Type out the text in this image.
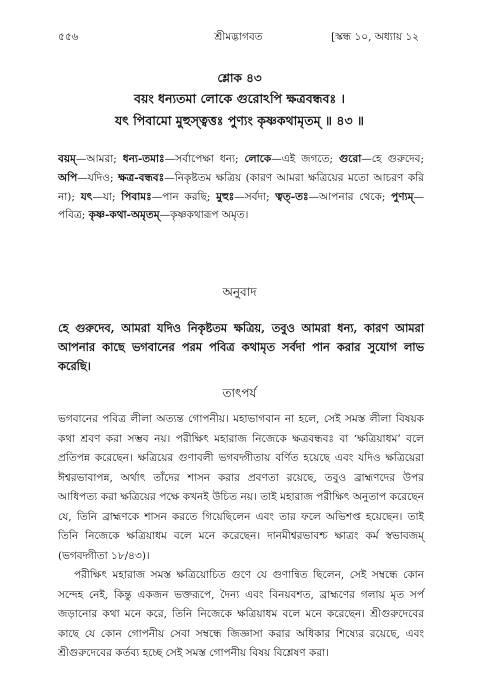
৫৫৬	শ্রীমদ্ভাগবত	[স্কন্ধ ১০, অধ্যায় ১২
শ্লোক ৪৩
বয়ং ধন্যতমা লোকে গুরোঽপি ক্ষত্রবন্ধবঃ ।
যৎ পিবামো মুহুস্ত্বত্তঃ পুণ্যং কৃষ্ণকথামৃতম্‌ ॥ ৪৩ ॥
বয়ম্‌—আমরা; ধন্য-তমাঃ—সর্বাপেক্ষা ধন্য; লোকে—এই জগতে; গুরো—হে গুরুদেব; অপি—যদিও; ক্ষত্র-বন্ধবঃ—নিকৃষ্টতম ক্ষত্রিয় (কারণ আমরা ক্ষত্রিয়ের মতো আচরণ করি না); যৎ—যা; পিবামঃ—পান করছি; মুহুঃ—সর্বদা; ত্বত্-তঃ—আপনার থেকে; পুণ্যম্‌—পবিত্র; কৃষ্ণ-কথা-অমৃতম্‌—কৃষ্ণকথারূপ অমৃত।
অনুবাদ
হে গুরুদেব, আমরা যদিও নিকৃষ্টতম ক্ষত্রিয়, তবুও আমরা ধন্য, কারণ আমরা আপনার কাছে ভগবানের পরম পবিত্র কথামৃত সর্বদা পান করার সুযোগ লাভ করেছি।
তাৎপর্য

ভগবানের পবিত্র লীলা অত্যন্ত গোপনীয়। মহাভাগবান না হলে, সেই সমস্ত লীলা বিষয়ক কথা শ্রবণ করা সম্ভব নয়। পরীক্ষিৎ মহারাজ নিজেকে ক্ষত্রবন্ধবঃ বা ‘ক্ষত্রিয়াধম’ বলে প্রতিপন্ন করেছেন। ক্ষত্রিয়ের গুণাবলী ভগবদ্গীতায় বর্ণিত হয়েছে এবং যদিও ক্ষত্রিয়েরা ঈশ্বরভাবাপন্ন, অর্থাৎ তাঁদের শাসন করার প্রবণতা রয়েছে, তবুও ব্রাহ্মণদের উপর আধিপত্য করা ক্ষত্রিয়ের পক্ষে কখনই উচিত নয়। তাই মহারাজ পরীক্ষিৎ অনুতাপ করেছেন যে, তিনি ব্রাহ্মণকে শাসন করতে গিয়েছিলেন এবং তার ফলে অভিশপ্ত হয়েছেন। তাই তিনি নিজেকে ক্ষত্রিয়াধম বলে মনে করেছেন। দানমীশ্বরভাবশ্চ ক্ষাত্রং কর্ম স্বভাবজম্ (ভগবদ্গীতা ১৮/৪৩)।

পরীক্ষিৎ মহারাজ সমস্ত ক্ষত্রিয়োচিত গুণে যে গুণান্বিত ছিলেন, সেই সম্বন্ধে কোন সন্দেহ নেই, কিন্তু একজন ভক্তরূপে, দৈন্য এবং বিনয়বশত, ব্রাহ্মণের গলায় মৃত সর্প জড়ানোর কথা মনে করে, তিনি নিজেকে ক্ষত্রিয়াধম বলে মনে করেছেন। শ্রীগুরুদেবের কাছে যে কোন গোপনীয় সেবা সম্বন্ধে জিজ্ঞাসা করার অধিকার শিষ্যের রয়েছে, এবং শ্রীগুরুদেবের কর্তব্য হচ্ছে সেই সমস্ত গোপনীয় বিষয় বিশ্লেষণ করা।
